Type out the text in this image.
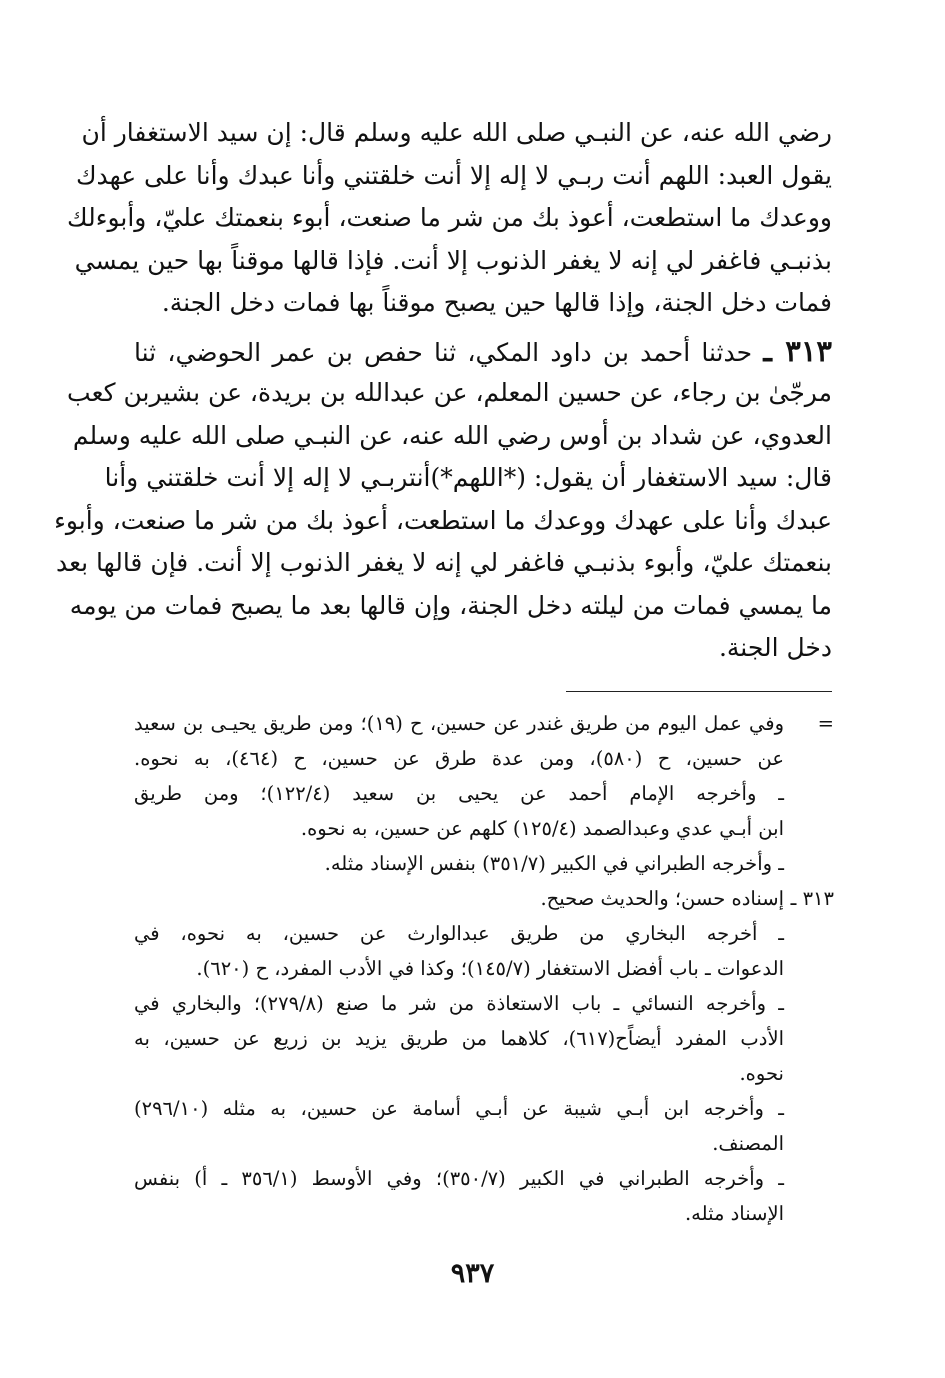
رضي الله عنه، عن النبـي صلى الله عليه وسلم قال: إن سيد الاستغفار أن
يقول العبد: اللهم أنت ربـي لا إله إلا أنت خلقتني وأنا عبدك وأنا على عهدك
ووعدك ما استطعت، أعوذ بك من شر ما صنعت، أبوء بنعمتك عليّ، وأبوءلك
بذنبـي فاغفر لي إنه لا يغفر الذنوب إلا أنت. فإذا قالها موقناً بها حين يمسي
فمات دخل الجنة، وإذا قالها حين يصبح موقناً بها فمات دخل الجنة.
٣١٣ ـ حدثنا أحمد بن داود المكي، ثنا حفص بن عمر الحوضي، ثنا
مرجّىٰ بن رجاء، عن حسين المعلم، عن عبدالله بن بريدة، عن بشيربن كعب
العدوي، عن شداد بن أوس رضي الله عنه، عن النبـي صلى الله عليه وسلم
قال: سيد الاستغفار أن يقول: (*اللهم*)أنتربـي لا إله إلا أنت خلقتني وأنا
عبدك وأنا على عهدك ووعدك ما استطعت، أعوذ بك من شر ما صنعت، وأبوء
بنعمتك عليّ، وأبوء بذنبـي فاغفر لي إنه لا يغفر الذنوب إلا أنت. فإن قالها بعد
ما يمسي فمات من ليلته دخل الجنة، وإن قالها بعد ما يصبح فمات من يومه
دخل الجنة.
=
وفي عمل اليوم من طريق غندر عن حسين، ح (١٩)؛ ومن طريق يحيـى بن سعيد
عن حسين، ح (٥٨٠)، ومن عدة طرق عن حسين، ح (٤٦٤)، به نحوه.
ـ وأخرجه الإمام أحمد عن يحيى بن سعيد (١٢٢/٤)؛ ومن طريق
ابن أبـي عدي وعبدالصمد (١٢٥/٤) كلهم عن حسين، به نحوه.
ـ وأخرجه الطبراني في الكبير (٣٥١/٧) بنفس الإسناد مثله.
٣١٣ ـ
إسناده حسن؛ والحديث صحيح.
ـ أخرجه البخاري من طريق عبدالوارث عن حسين، به نحوه، في
الدعوات ـ باب أفضل الاستغفار (١٤٥/٧)؛ وكذا في الأدب المفرد، ح (٦٢٠).
ـ وأخرجه النسائي ـ باب الاستعاذة من شر ما صنع (٢٧٩/٨)؛ والبخاري في
الأدب المفرد أيضاًح(٦١٧)، كلاهما من طريق يزيد بن زريع عن حسين، به
نحوه.
ـ وأخرجه ابن أبـي شيبة عن أبـي أسامة عن حسين، به مثله (٢٩٦/١٠)
المصنف.
ـ وأخرجه الطبراني في الكبير (٣٥٠/٧)؛ وفي الأوسط (٣٥٦/١ ـ أ) بنفس
الإسناد مثله.
٩٣٧
